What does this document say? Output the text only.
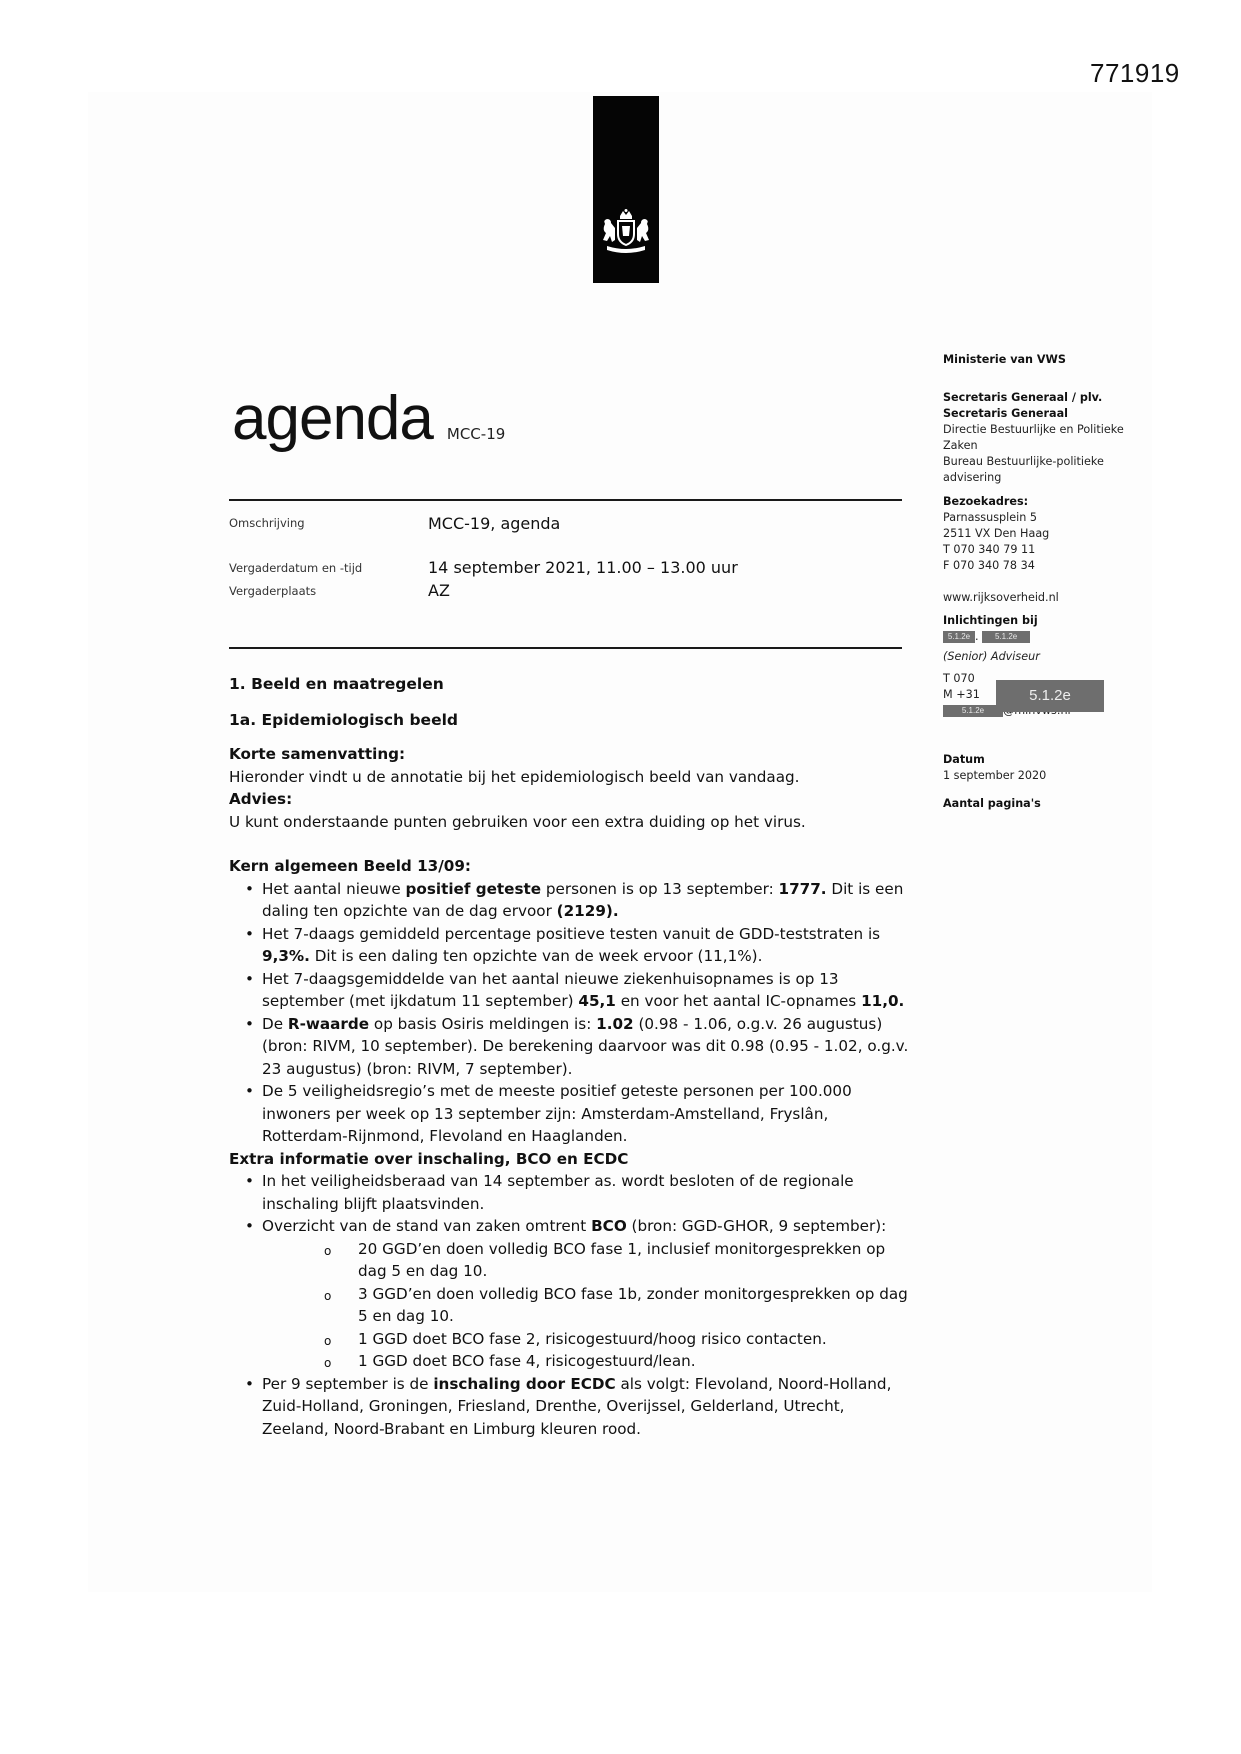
771919
agenda MCC-19
Omschrijving	MCC-19, agenda
Vergaderdatum en -tijd	14 september 2021, 11.00 – 13.00 uur
Vergaderplaats	AZ

1. Beeld en maatregelen

1a. Epidemiologisch beeld

Korte samenvatting:

Hieronder vindt u de annotatie bij het epidemiologisch beeld van vandaag.

Advies:

U kunt onderstaande punten gebruiken voor een extra duiding op het virus.

Kern algemeen Beeld 13/09:

• Het aantal nieuwe positief geteste personen is op 13 september: 1777. Dit is een daling ten opzichte van de dag ervoor (2129).
• Het 7-daags gemiddeld percentage positieve testen vanuit de GDD-teststraten is 9,3%. Dit is een daling ten opzichte van de week ervoor (11,1%).
• Het 7-daagsgemiddelde van het aantal nieuwe ziekenhuisopnames is op 13 september (met ijkdatum 11 september) 45,1 en voor het aantal IC-opnames 11,0.
• De R-waarde op basis Osiris meldingen is: 1.02 (0.98 - 1.06, o.g.v. 26 augustus) (bron: RIVM, 10 september). De berekening daarvoor was dit 0.98 (0.95 - 1.02, o.g.v. 23 augustus) (bron: RIVM, 7 september).
• De 5 veiligheidsregio’s met de meeste positief geteste personen per 100.000 inwoners per week op 13 september zijn: Amsterdam-Amstelland, Fryslân, Rotterdam-Rijnmond, Flevoland en Haaglanden.

Extra informatie over inschaling, BCO en ECDC

• In het veiligheidsberaad van 14 september as. wordt besloten of de regionale inschaling blijft plaatsvinden.
• Overzicht van de stand van zaken omtrent BCO (bron: GGD-GHOR, 9 september):
o 20 GGD’en doen volledig BCO fase 1, inclusief monitorgesprekken op dag 5 en dag 10.
o 3 GGD’en doen volledig BCO fase 1b, zonder monitorgesprekken op dag 5 en dag 10.
o 1 GGD doet BCO fase 2, risicogestuurd/hoog risico contacten.
o 1 GGD doet BCO fase 4, risicogestuurd/lean.
• Per 9 september is de inschaling door ECDC als volgt: Flevoland, Noord-Holland, Zuid-Holland, Groningen, Friesland, Drenthe, Overijssel, Gelderland, Utrecht, Zeeland, Noord-Brabant en Limburg kleuren rood.
Ministerie van VWS
Secretaris Generaal / plv.
Secretaris Generaal
Directie Bestuurlijke en Politieke
Zaken
Bureau Bestuurlijke-politieke
advisering
Bezoekadres:
Parnassusplein 5
2511 VX Den Haag
T 070 340 79 11
F 070 340 78 34
www.rijksoverheid.nl
Inlichtingen bij
5.1.2e . 5.1.2e
(Senior) Adviseur
T 070
M +31
5.1.2e
5.1.2e
Datum
1 september 2020
Aantal pagina's
